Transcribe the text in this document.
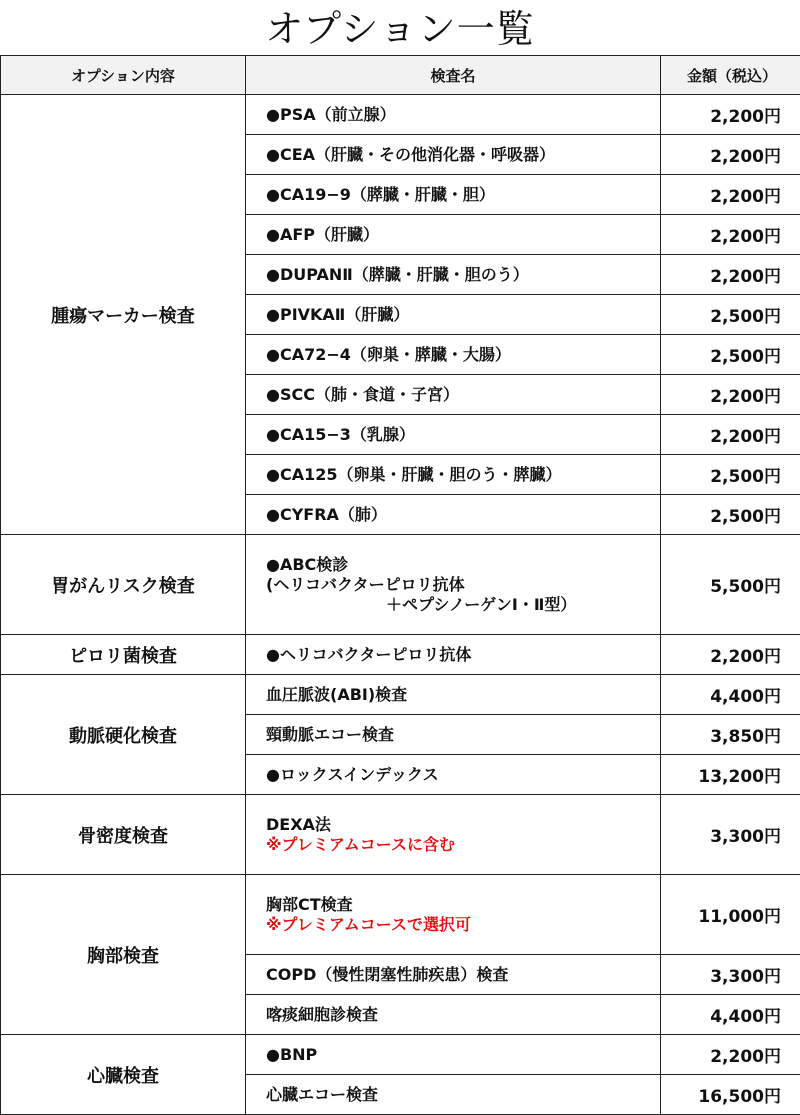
オプション一覧
オプション内容	検査名	金額（税込）
腫瘍マーカー検査	●PSA（前立腺）	2,200円

	●CEA（肝臓・その他消化器・呼吸器）	2,200円

	●CA19−9（膵臓・肝臓・胆）	2,200円

	●AFP（肝臓）	2,200円

	●DUPANⅡ（膵臓・肝臓・胆のう）	2,200円

	●PIVKAⅡ（肝臓）	2,500円

	●CA72−4（卵巣・膵臓・大腸）	2,500円

	●SCC（肺・食道・子宮）	2,200円

	●CA15−3（乳腺）	2,200円

	●CA125（卵巣・肝臓・胆のう・膵臓）	2,500円

	●CYFRA（肺）	2,500円
胃がんリスク検査	●ABC検診
(ヘリコバクターピロリ抗体
＋ペプシノーゲンⅠ・Ⅱ型）	5,500円
ピロリ菌検査	●ヘリコバクターピロリ抗体	2,200円
動脈硬化検査	血圧脈波(ABI)検査	4,400円

	頸動脈エコー検査	3,850円

	●ロックスインデックス	13,200円
骨密度検査	DEXA法
※プレミアムコースに含む	3,300円
胸部検査	胸部CT検査
※プレミアムコースで選択可	11,000円

	COPD（慢性閉塞性肺疾患）検査	3,300円

	喀痰細胞診検査	4,400円
心臓検査	●BNP	2,200円

	心臓エコー検査	16,500円
